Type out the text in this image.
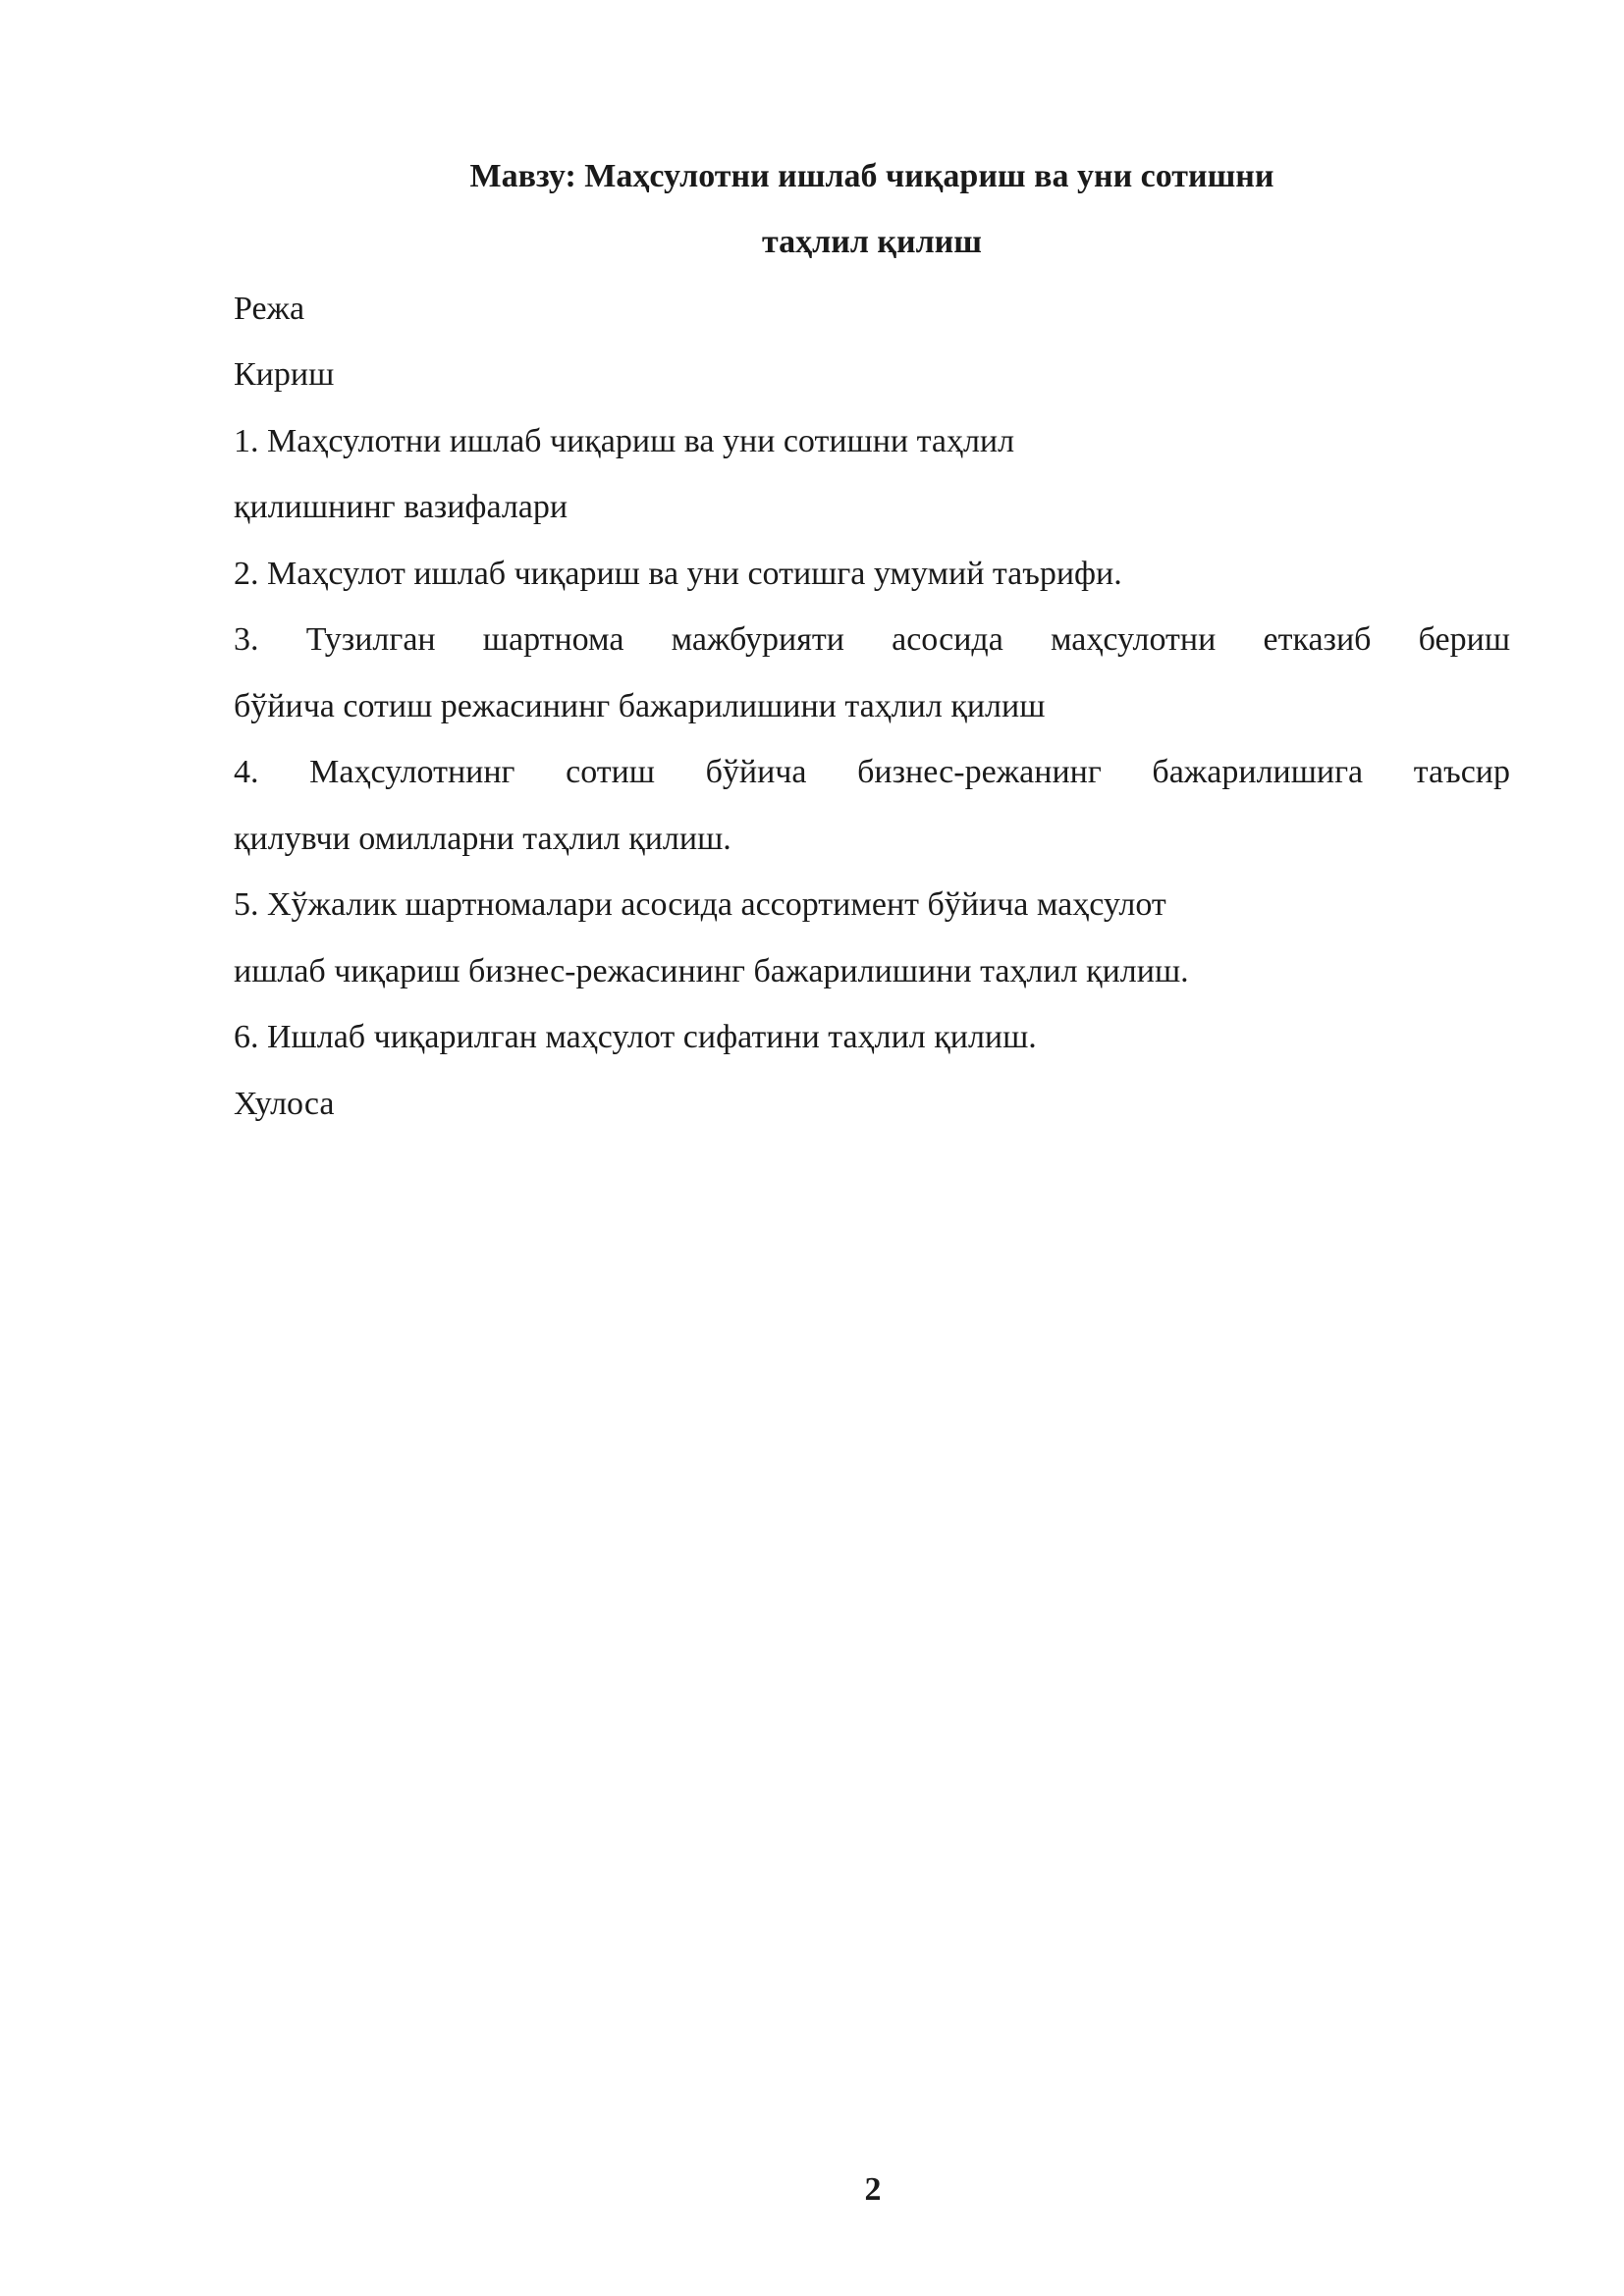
Мавзу: Маҳсулотни ишлаб чиқариш ва уни сотишни

таҳлил қилиш

Режа

Кириш

1. Маҳсулотни ишлаб чиқариш ва уни сотишни таҳлил

қилишнинг вазифалари

2. Маҳсулот ишлаб чиқариш ва уни сотишга умумий таърифи.

3. Тузилган шартнома мажбурияти асосида маҳсулотни етказиб бериш

бўйича сотиш режасининг бажарилишини таҳлил қилиш

4. Маҳсулотнинг сотиш бўйича бизнес-режанинг бажарилишига таъсир

қилувчи омилларни таҳлил қилиш.

5. Хўжалик шартномалари асосида ассортимент бўйича маҳсулот

ишлаб чиқариш бизнес-режасининг бажарилишини таҳлил қилиш.

6. Ишлаб чиқарилган маҳсулот сифатини таҳлил қилиш.

Хулоса

2
